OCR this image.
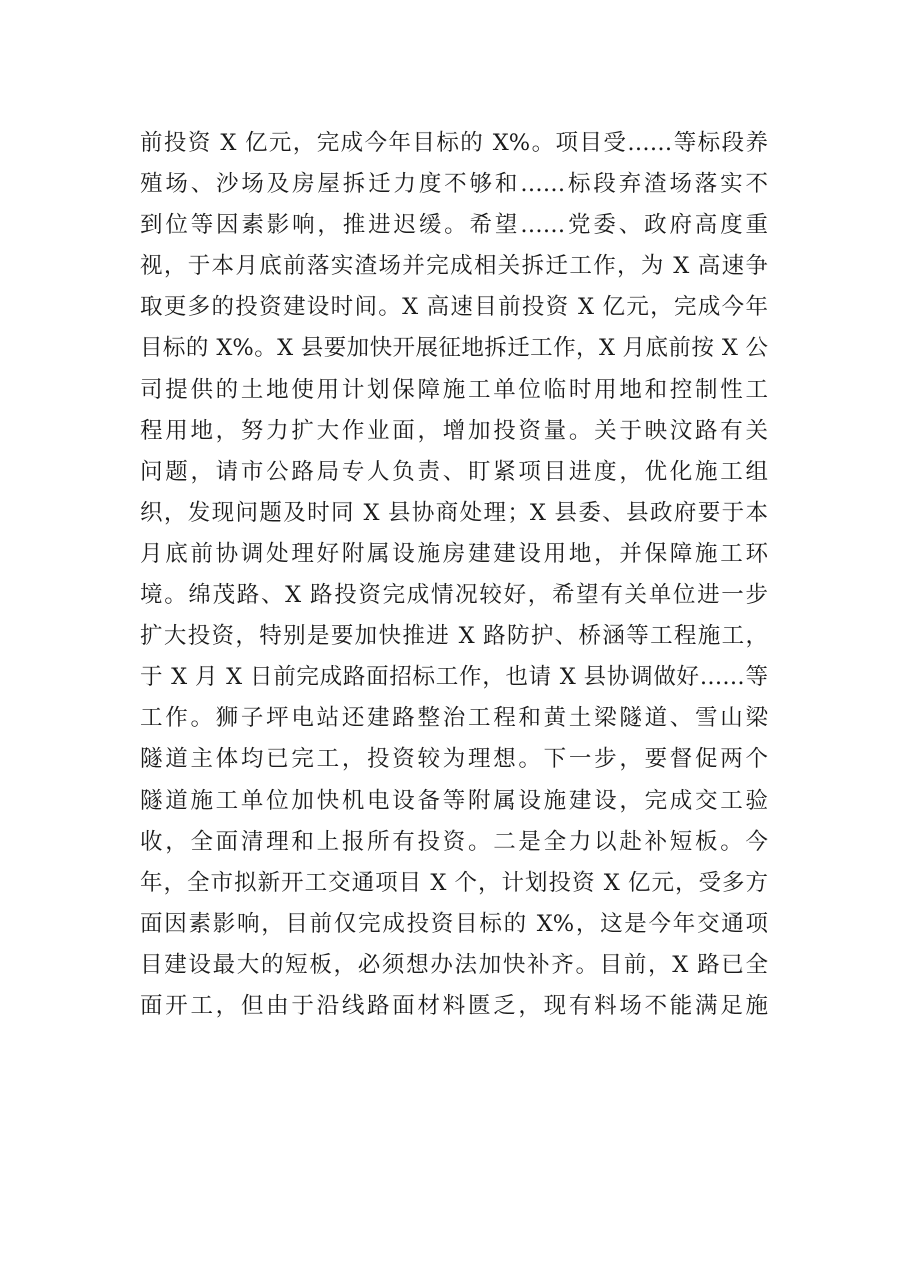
前投资 X 亿元，完成今年目标的 X%。项目受……等标段养
殖场、沙场及房屋拆迁力度不够和……标段弃渣场落实不
到位等因素影响，推进迟缓。希望……党委、政府高度重
视，于本月底前落实渣场并完成相关拆迁工作，为 X 高速争
取更多的投资建设时间。X 高速目前投资 X 亿元，完成今年
目标的 X%。X 县要加快开展征地拆迁工作，X 月底前按 X 公
司提供的土地使用计划保障施工单位临时用地和控制性工
程用地，努力扩大作业面，增加投资量。关于映汶路有关
问题，请市公路局专人负责、盯紧项目进度，优化施工组
织，发现问题及时同 X 县协商处理；X 县委、县政府要于本
月底前协调处理好附属设施房建建设用地，并保障施工环
境。绵茂路、X 路投资完成情况较好，希望有关单位进一步
扩大投资，特别是要加快推进 X 路防护、桥涵等工程施工，
于 X 月 X 日前完成路面招标工作，也请 X 县协调做好……等
工作。狮子坪电站还建路整治工程和黄土梁隧道、雪山梁
隧道主体均已完工，投资较为理想。下一步，要督促两个
隧道施工单位加快机电设备等附属设施建设，完成交工验
收，全面清理和上报所有投资。二是全力以赴补短板。今
年，全市拟新开工交通项目 X 个，计划投资 X 亿元，受多方
面因素影响，目前仅完成投资目标的 X%，这是今年交通项
目建设最大的短板，必须想办法加快补齐。目前，X 路已全
面开工，但由于沿线路面材料匮乏，现有料场不能满足施
